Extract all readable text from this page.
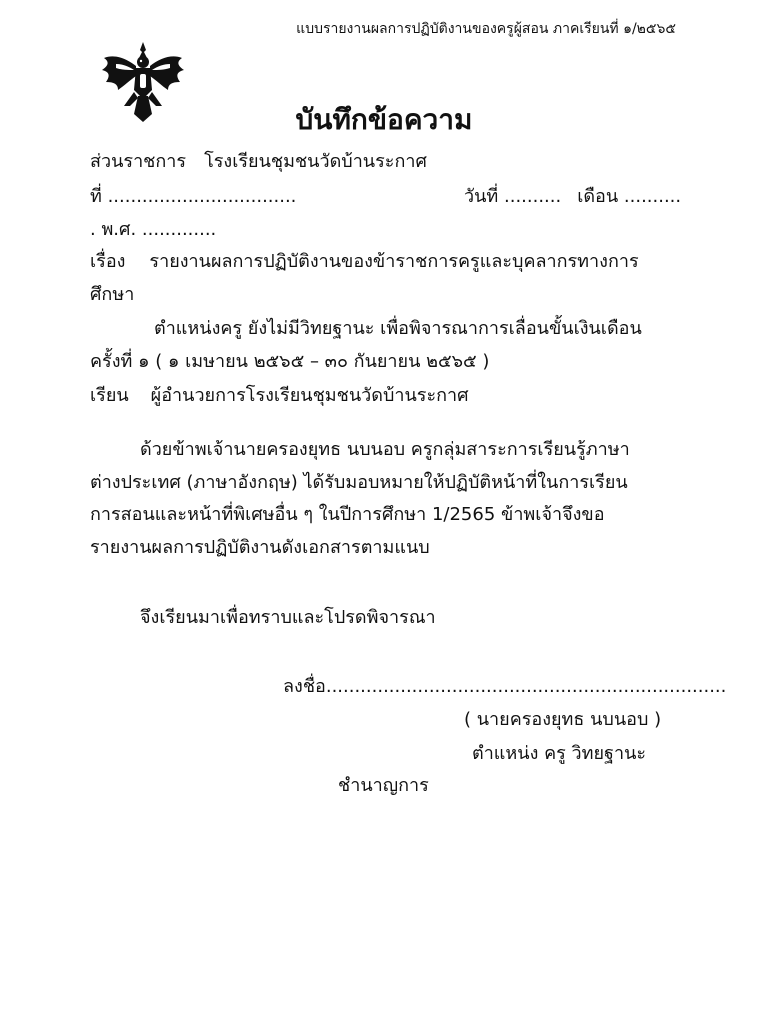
แบบรายงานผลการปฏิบัติงานของครูผู้สอน ภาคเรียนที่ ๑/๒๕๖๕
บันทึกข้อความ
ส่วนราชการ โรงเรียนชุมชนวัดบ้านระกาศ
ที่ .................................	วันที่ .......... เดือน ..........
. พ.ศ. .............
เรื่อง รายงานผลการปฏิบัติงานของข้าราชการครูและบุคลากรทางการ
ศึกษา
ตำแหน่งครู ยังไม่มีวิทยฐานะ เพื่อพิจารณาการเลื่อนขั้นเงินเดือน
ครั้งที่ ๑ ( ๑ เมษายน ๒๕๖๕ – ๓๐ กันยายน ๒๕๖๕ )
เรียน ผู้อำนวยการโรงเรียนชุมชนวัดบ้านระกาศ

ด้วยข้าพเจ้านายครองยุทธ นบนอบ ครูกลุ่มสาระการเรียนรู้ภาษา

ต่างประเทศ (ภาษาอังกฤษ) ได้รับมอบหมายให้ปฏิบัติหน้าที่ในการเรียน

การสอนและหน้าที่พิเศษอื่น ๆ ในปีการศึกษา 1/2565 ข้าพเจ้าจึงขอ

รายงานผลการปฏิบัติงานดังเอกสารตามแนบ

จึงเรียนมาเพื่อทราบและโปรดพิจารณา
ลงชื่อ......................................................................
( นายครองยุทธ นบนอบ )
ตำแหน่ง ครู วิทยฐานะ
ชำนาญการ
